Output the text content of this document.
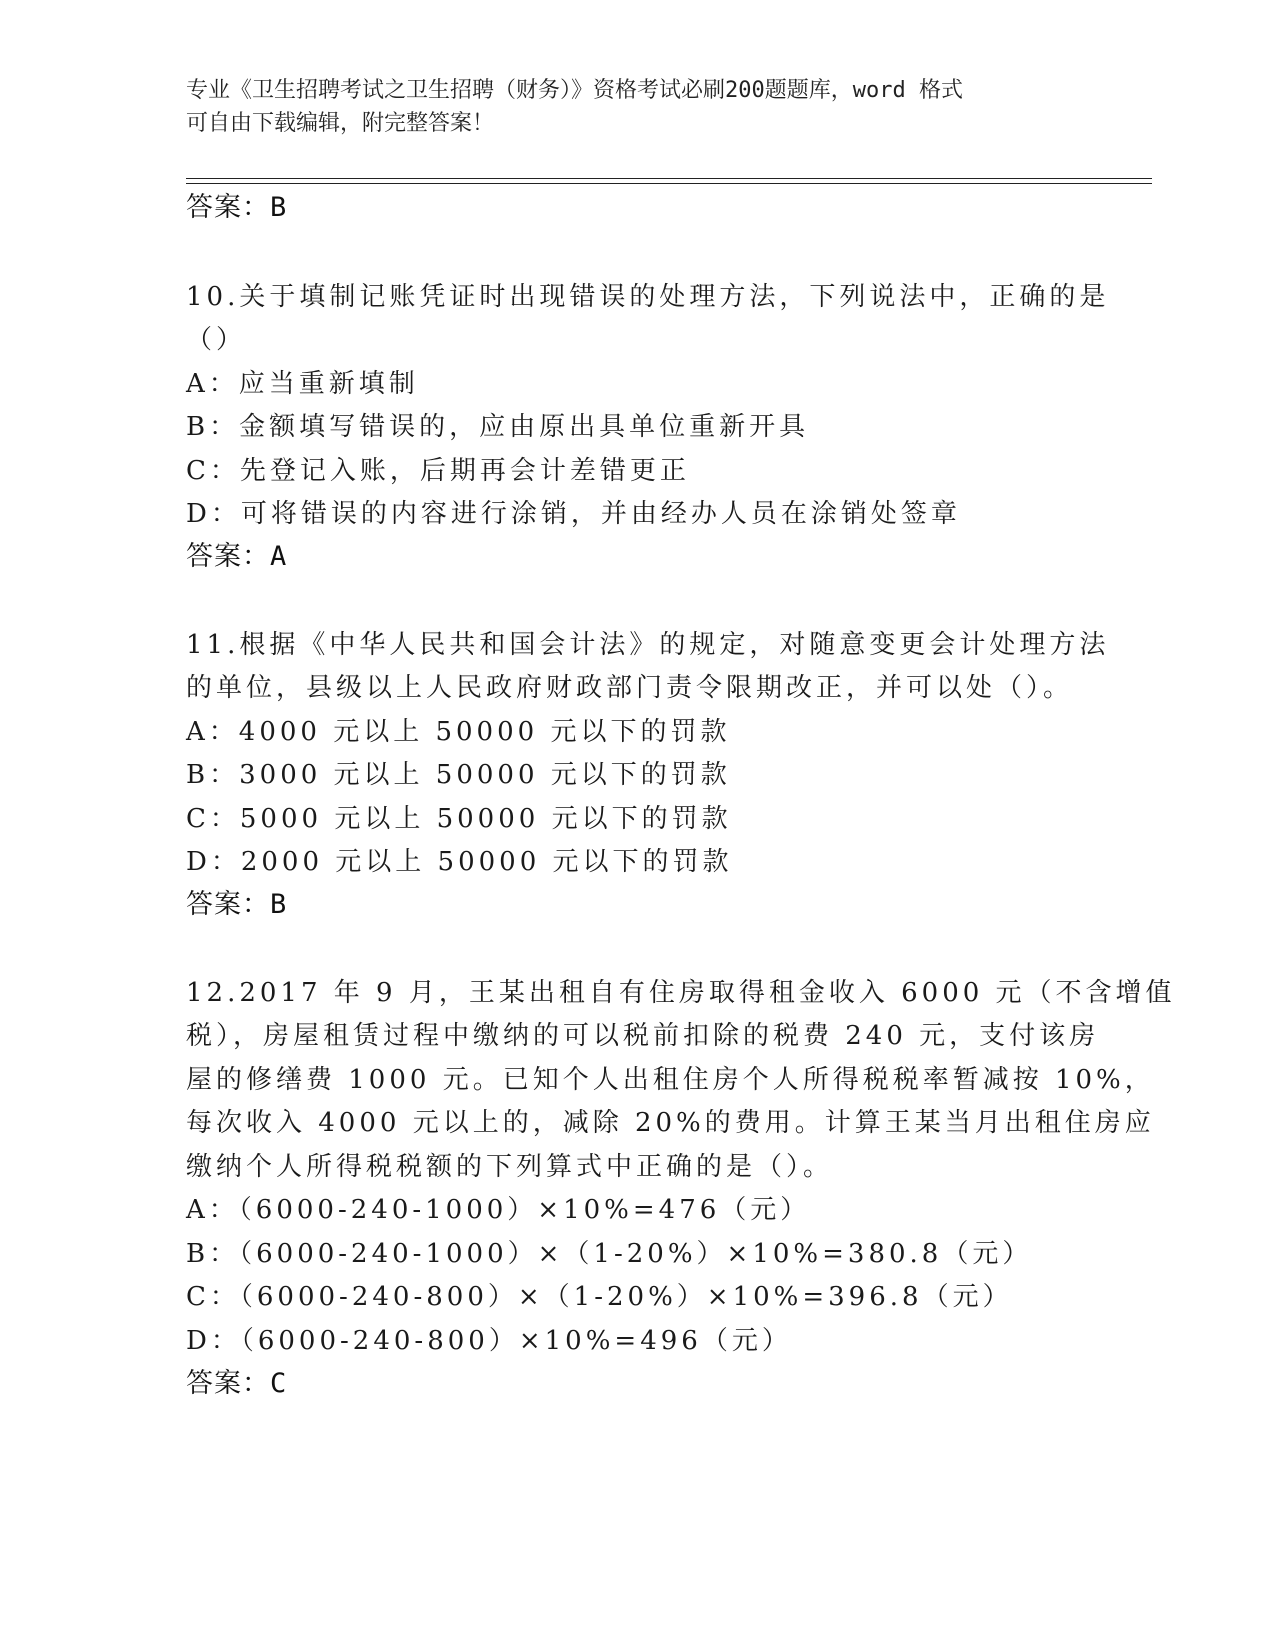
专业《卫生招聘考试之卫生招聘（财务）》资格考试必刷200题题库，word 格式
可自由下载编辑，附完整答案！
答案：B
10.关于填制记账凭证时出现错误的处理方法，下列说法中，正确的是
（）
A：应当重新填制
B：金额填写错误的，应由原出具单位重新开具
C：先登记入账，后期再会计差错更正
D：可将错误的内容进行涂销，并由经办人员在涂销处签章
答案：A
11.根据《中华人民共和国会计法》的规定，对随意变更会计处理方法
的单位，县级以上人民政府财政部门责令限期改正，并可以处（）。
A：4000 元以上 50000 元以下的罚款
B：3000 元以上 50000 元以下的罚款
C：5000 元以上 50000 元以下的罚款
D：2000 元以上 50000 元以下的罚款
答案：B
12.2017 年 9 月，王某出租自有住房取得租金收入 6000 元（不含增值
税），房屋租赁过程中缴纳的可以税前扣除的税费 240 元，支付该房
屋的修缮费 1000 元。已知个人出租住房个人所得税税率暂减按 10%，
每次收入 4000 元以上的，减除 20%的费用。计算王某当月出租住房应
缴纳个人所得税税额的下列算式中正确的是（）。
A：（6000-240-1000）×10%=476（元）
B：（6000-240-1000）×（1-20%）×10%=380.8（元）
C：（6000-240-800）×（1-20%）×10%=396.8（元）
D：（6000-240-800）×10%=496（元）
答案：C
